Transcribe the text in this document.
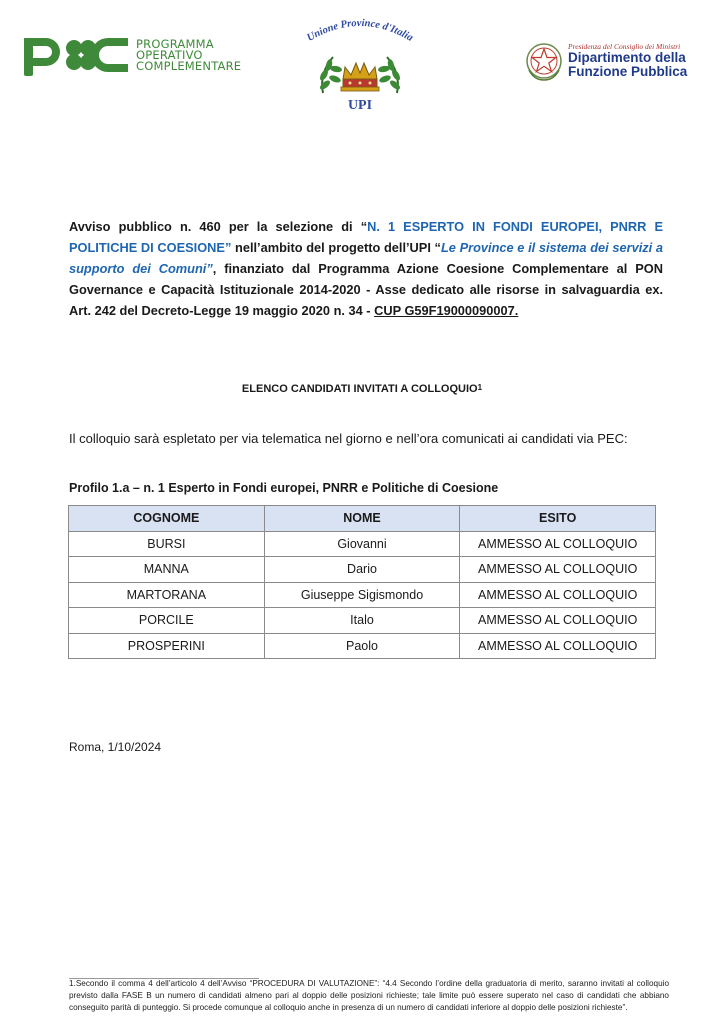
PROGRAMMA
OPERATIVO
COMPLEMENTARE
Unione Province d'Italia
UPI
Presidenza del Consiglio dei Ministri
Dipartimento della
Funzione Pubblica

Avviso pubblico n. 460 per la selezione di “N. 1 ESPERTO IN FONDI EUROPEI, PNRR E POLITICHE DI COESIONE” nell’ambito del progetto dell’UPI “Le Province e il sistema dei servizi a supporto dei Comuni”, finanziato dal Programma Azione Coesione Complementare al PON Governance e Capacità Istituzionale 2014-2020 - Asse dedicato alle risorse in salvaguardia ex. Art. 242 del Decreto-Legge 19 maggio 2020 n. 34 - CUP G59F19000090007.

ELENCO CANDIDATI INVITATI A COLLOQUIO$^1$

Il colloquio sarà espletato per via telematica nel giorno e nell’ora comunicati ai candidati via PEC:

Profilo 1.a – n. 1 Esperto in Fondi europei, PNRR e Politiche di Coesione

COGNOME	NOME	ESITO
BURSI	Giovanni	AMMESSO AL COLLOQUIO
MANNA	Dario	AMMESSO AL COLLOQUIO
MARTORANA	Giuseppe Sigismondo	AMMESSO AL COLLOQUIO
PORCILE	Italo	AMMESSO AL COLLOQUIO
PROSPERINI	Paolo	AMMESSO AL COLLOQUIO
Roma, 1/10/2024

1.Secondo il comma 4 dell’articolo 4 dell’Avviso “PROCEDURA DI VALUTAZIONE”: “4.4 Secondo l’ordine della graduatoria di merito, saranno invitati al colloquio previsto dalla FASE B un numero di candidati almeno pari al doppio delle posizioni richieste; tale limite può essere superato nel caso di candidati che abbiano conseguito parità di punteggio. Si procede comunque al colloquio anche in presenza di un numero di candidati inferiore al doppio delle posizioni richieste”.
